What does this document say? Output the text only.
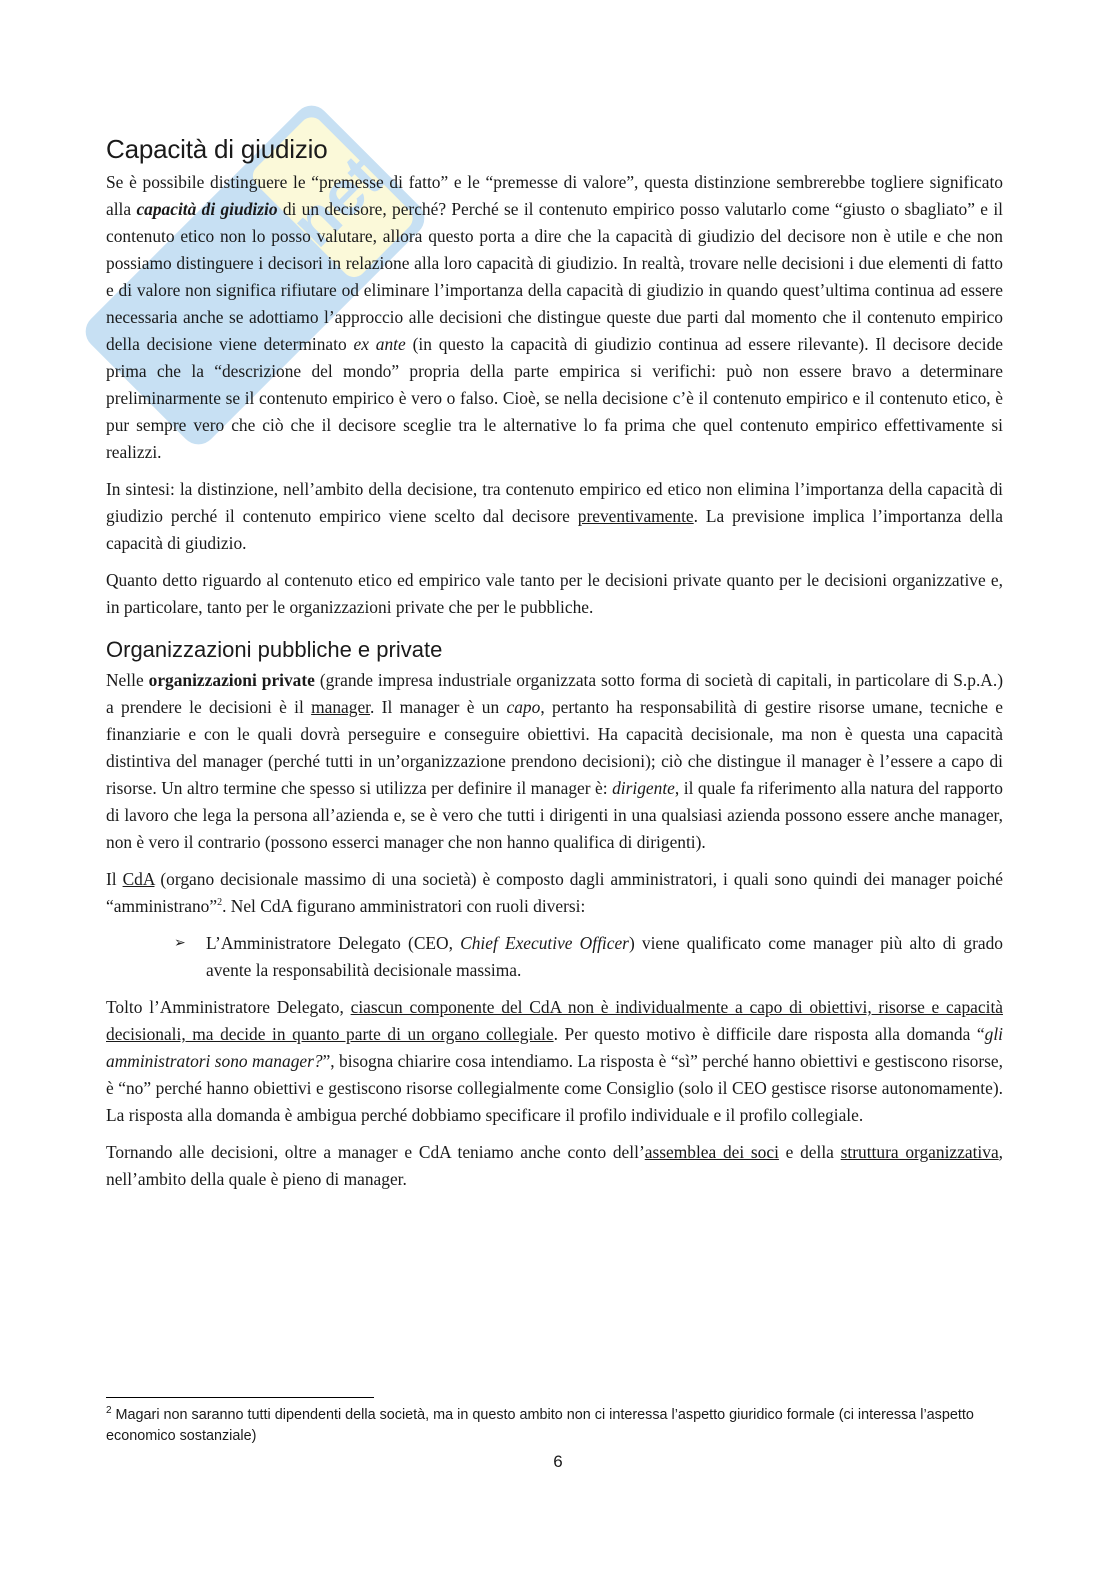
net
Capacità di giudizio

Se è possibile distinguere le “premesse di fatto” e le “premesse di valore”, questa distinzione sembrerebbe togliere significato alla capacità di giudizio di un decisore, perché? Perché se il contenuto empirico posso valutarlo come “giusto o sbagliato” e il contenuto etico non lo posso valutare, allora questo porta a dire che la capacità di giudizio del decisore non è utile e che non possiamo distinguere i decisori in relazione alla loro capacità di giudizio. In realtà, trovare nelle decisioni i due elementi di fatto e di valore non significa rifiutare od eliminare l’importanza della capacità di giudizio in quando quest’ultima continua ad essere necessaria anche se adottiamo l’approccio alle decisioni che distingue queste due parti dal momento che il contenuto empirico della decisione viene determinato ex ante (in questo la capacità di giudizio continua ad essere rilevante). Il decisore decide prima che la “descrizione del mondo” propria della parte empirica si verifichi: può non essere bravo a determinare preliminarmente se il contenuto empirico è vero o falso. Cioè, se nella decisione c’è il contenuto empirico e il contenuto etico, è pur sempre vero che ciò che il decisore sceglie tra le alternative lo fa prima che quel contenuto empirico effettivamente si realizzi.

In sintesi: la distinzione, nell’ambito della decisione, tra contenuto empirico ed etico non elimina l’importanza della capacità di giudizio perché il contenuto empirico viene scelto dal decisore preventivamente. La previsione implica l’importanza della capacità di giudizio.

Quanto detto riguardo al contenuto etico ed empirico vale tanto per le decisioni private quanto per le decisioni organizzative e, in particolare, tanto per le organizzazioni private che per le pubbliche.

Organizzazioni pubbliche e private

Nelle organizzazioni private (grande impresa industriale organizzata sotto forma di società di capitali, in particolare di S.p.A.) a prendere le decisioni è il manager. Il manager è un capo, pertanto ha responsabilità di gestire risorse umane, tecniche e finanziarie e con le quali dovrà perseguire e conseguire obiettivi. Ha capacità decisionale, ma non è questa una capacità distintiva del manager (perché tutti in un’organizzazione prendono decisioni); ciò che distingue il manager è l’essere a capo di risorse. Un altro termine che spesso si utilizza per definire il manager è: dirigente, il quale fa riferimento alla natura del rapporto di lavoro che lega la persona all’azienda e, se è vero che tutti i dirigenti in una qualsiasi azienda possono essere anche manager, non è vero il contrario (possono esserci manager che non hanno qualifica di dirigenti).

Il CdA (organo decisionale massimo di una società) è composto dagli amministratori, i quali sono quindi dei manager poiché “amministrano”$^2$. Nel CdA figurano amministratori con ruoli diversi:

➢ L’Amministratore Delegato (CEO, Chief Executive Officer) viene qualificato come manager più alto di grado avente la responsabilità decisionale massima.

Tolto l’Amministratore Delegato, ciascun componente del CdA non è individualmente a capo di obiettivi, risorse e capacità decisionali, ma decide in quanto parte di un organo collegiale. Per questo motivo è difficile dare risposta alla domanda “gli amministratori sono manager?”, bisogna chiarire cosa intendiamo. La risposta è “sì” perché hanno obiettivi e gestiscono risorse, è “no” perché hanno obiettivi e gestiscono risorse collegialmente come Consiglio (solo il CEO gestisce risorse autonomamente). La risposta alla domanda è ambigua perché dobbiamo specificare il profilo individuale e il profilo collegiale.

Tornando alle decisioni, oltre a manager e CdA teniamo anche conto dell’assemblea dei soci e della struttura organizzativa, nell’ambito della quale è pieno di manager.

$^2$ Magari non saranno tutti dipendenti della società, ma in questo ambito non ci interessa l’aspetto giuridico formale (ci interessa l’aspetto economico sostanziale)
6
